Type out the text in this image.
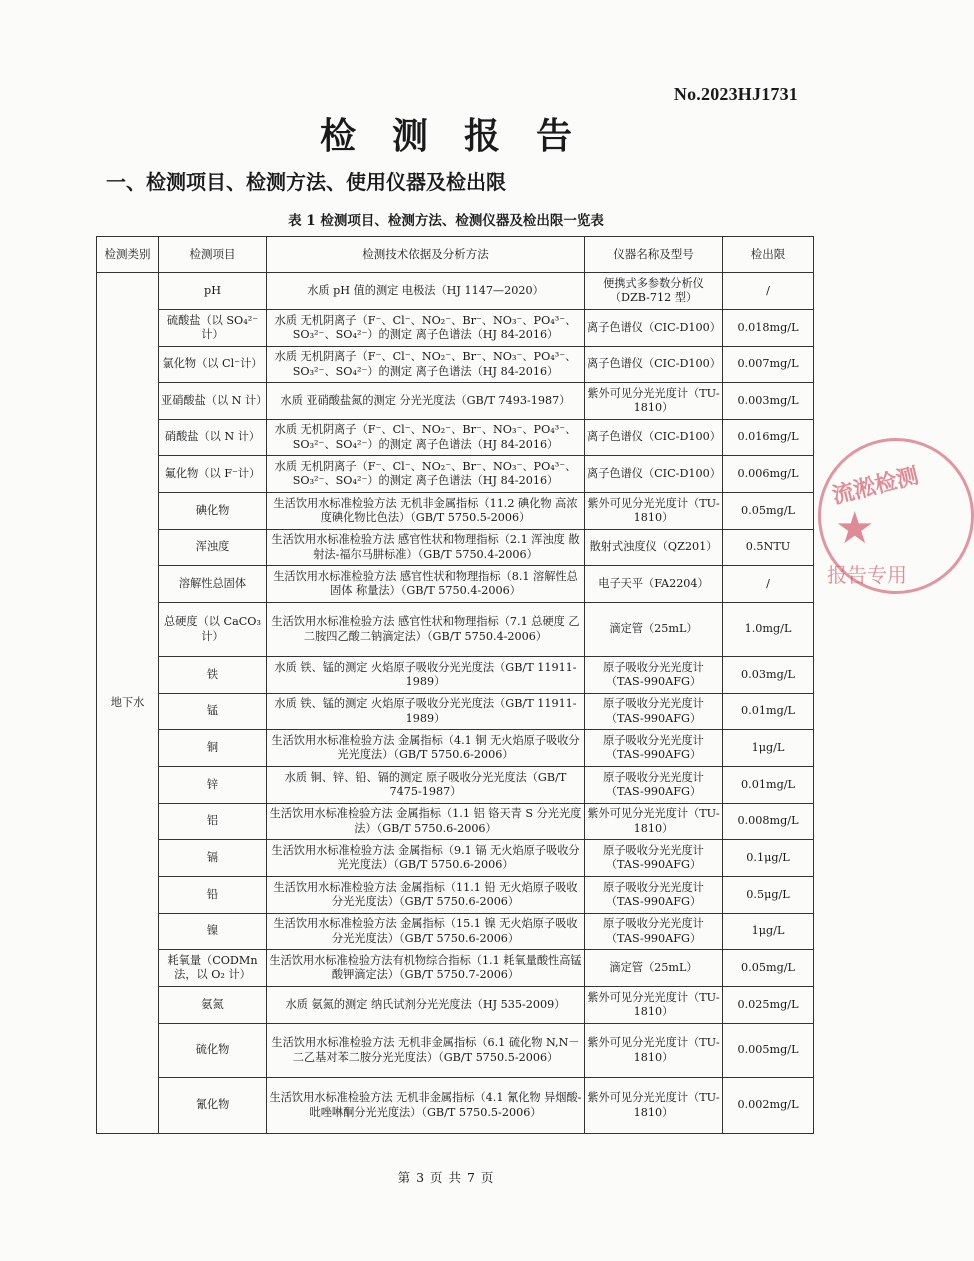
No.2023HJ1731
检测报告
一、检测项目、检测方法、使用仪器及检出限
表 1 检测项目、检测方法、检测仪器及检出限一览表
检测类别	检测项目	检测技术依据及分析方法	仪器名称及型号	检出限
地下水	pH	水质 pH 值的测定 电极法（HJ 1147—2020）	便携式多参数分析仪（DZB-712 型）	/
	硫酸盐（以 SO₄²⁻计）	水质 无机阴离子（F⁻、Cl⁻、NO₂⁻、Br⁻、NO₃⁻、PO₄³⁻、SO₃²⁻、SO₄²⁻）的测定 离子色谱法（HJ 84-2016）	离子色谱仪（CIC-D100）	0.018mg/L
	氯化物（以 Cl⁻计）	水质 无机阴离子（F⁻、Cl⁻、NO₂⁻、Br⁻、NO₃⁻、PO₄³⁻、SO₃²⁻、SO₄²⁻）的测定 离子色谱法（HJ 84-2016）	离子色谱仪（CIC-D100）	0.007mg/L
	亚硝酸盐（以 N 计）	水质 亚硝酸盐氮的测定 分光光度法（GB/T 7493-1987）	紫外可见分光光度计（TU-1810）	0.003mg/L
	硝酸盐（以 N 计）	水质 无机阴离子（F⁻、Cl⁻、NO₂⁻、Br⁻、NO₃⁻、PO₄³⁻、SO₃²⁻、SO₄²⁻）的测定 离子色谱法（HJ 84-2016）	离子色谱仪（CIC-D100）	0.016mg/L
	氟化物（以 F⁻计）	水质 无机阴离子（F⁻、Cl⁻、NO₂⁻、Br⁻、NO₃⁻、PO₄³⁻、SO₃²⁻、SO₄²⁻）的测定 离子色谱法（HJ 84-2016）	离子色谱仪（CIC-D100）	0.006mg/L
	碘化物	生活饮用水标准检验方法 无机非金属指标（11.2 碘化物 高浓度碘化物比色法）（GB/T 5750.5-2006）	紫外可见分光光度计（TU-1810）	0.05mg/L
	浑浊度	生活饮用水标准检验方法 感官性状和物理指标（2.1 浑浊度 散射法-福尔马肼标准）（GB/T 5750.4-2006）	散射式浊度仪（QZ201）	0.5NTU
	溶解性总固体	生活饮用水标准检验方法 感官性状和物理指标（8.1 溶解性总固体 称量法）（GB/T 5750.4-2006）	电子天平（FA2204）	/
	总硬度（以 CaCO₃ 计）	生活饮用水标准检验方法 感官性状和物理指标（7.1 总硬度 乙二胺四乙酸二钠滴定法）（GB/T 5750.4-2006）	滴定管（25mL）	1.0mg/L
	铁	水质 铁、锰的测定 火焰原子吸收分光光度法（GB/T 11911-1989）	原子吸收分光光度计（TAS-990AFG）	0.03mg/L
	锰	水质 铁、锰的测定 火焰原子吸收分光光度法（GB/T 11911-1989）	原子吸收分光光度计（TAS-990AFG）	0.01mg/L
	铜	生活饮用水标准检验方法 金属指标（4.1 铜 无火焰原子吸收分光光度法）（GB/T 5750.6-2006）	原子吸收分光光度计（TAS-990AFG）	1μg/L
	锌	水质 铜、锌、铅、镉的测定 原子吸收分光光度法（GB/T 7475-1987）	原子吸收分光光度计（TAS-990AFG）	0.01mg/L
	铝	生活饮用水标准检验方法 金属指标（1.1 铝 铬天青 S 分光光度法）（GB/T 5750.6-2006）	紫外可见分光光度计（TU-1810）	0.008mg/L
	镉	生活饮用水标准检验方法 金属指标（9.1 镉 无火焰原子吸收分光光度法）（GB/T 5750.6-2006）	原子吸收分光光度计（TAS-990AFG）	0.1μg/L
	铅	生活饮用水标准检验方法 金属指标（11.1 铅 无火焰原子吸收分光光度法）（GB/T 5750.6-2006）	原子吸收分光光度计（TAS-990AFG）	0.5μg/L
	镍	生活饮用水标准检验方法 金属指标（15.1 镍 无火焰原子吸收分光光度法）（GB/T 5750.6-2006）	原子吸收分光光度计（TAS-990AFG）	1μg/L
	耗氧量（CODMn 法，以 O₂ 计）	生活饮用水标准检验方法有机物综合指标（1.1 耗氧量酸性高锰酸钾滴定法）（GB/T 5750.7-2006）	滴定管（25mL）	0.05mg/L
	氨氮	水质 氨氮的测定 纳氏试剂分光光度法（HJ 535-2009）	紫外可见分光光度计（TU-1810）	0.025mg/L
	硫化物	生活饮用水标准检验方法 无机非金属指标（6.1 硫化物 N,N－二乙基对苯二胺分光光度法）（GB/T 5750.5-2006）	紫外可见分光光度计（TU-1810）	0.005mg/L
	氰化物	生活饮用水标准检验方法 无机非金属指标（4.1 氰化物 异烟酸-吡唑啉酮分光光度法）（GB/T 5750.5-2006）	紫外可见分光光度计（TU-1810）	0.002mg/L
流淞检测
★
报告专用
第 3 页 共 7 页
